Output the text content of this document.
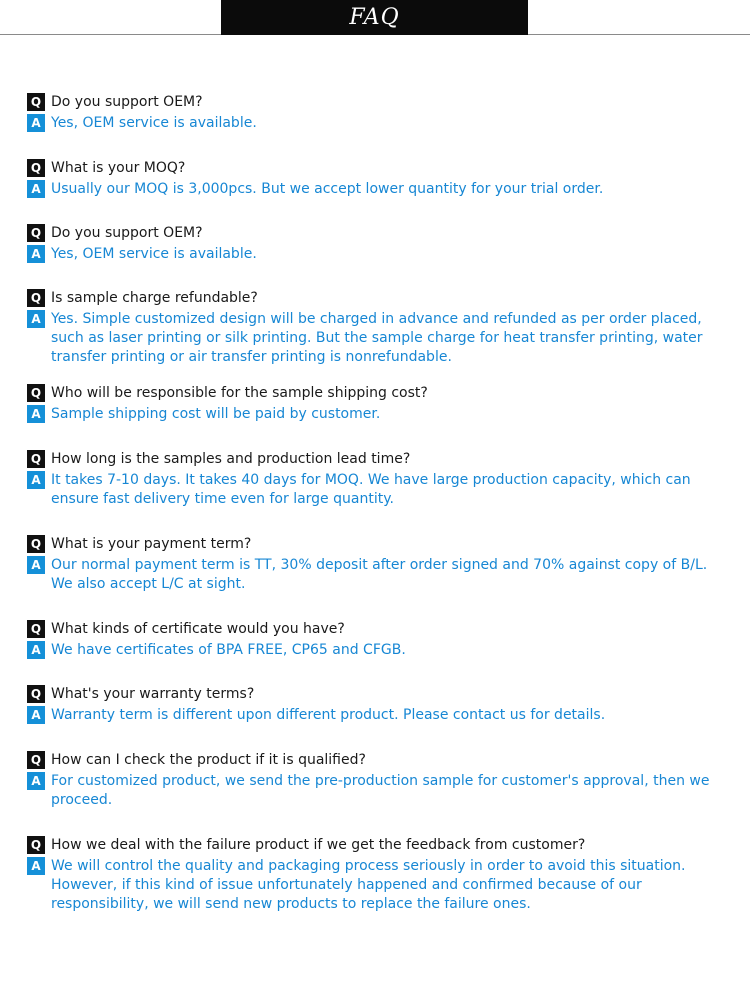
FAQ
Q Do you support OEM?
A Yes, OEM service is available.
Q What is your MOQ?
A Usually our MOQ is 3,000pcs. But we accept lower quantity for your trial order.
Q Do you support OEM?
A Yes, OEM service is available.
Q Is sample charge refundable?
A Yes. Simple customized design will be charged in advance and refunded as per order placed, such as laser printing or silk printing. But the sample charge for heat transfer printing, water transfer printing or air transfer printing is nonrefundable.
Q Who will be responsible for the sample shipping cost?
A Sample shipping cost will be paid by customer.
Q How long is the samples and production lead time?
A It takes 7-10 days. It takes 40 days for MOQ. We have large production capacity, which can ensure fast delivery time even for large quantity.
Q What is your payment term?
A Our normal payment term is TT, 30% deposit after order signed and 70% against copy of B/L. We also accept L/C at sight.
Q What kinds of certificate would you have?
A We have certificates of BPA FREE, CP65 and CFGB.
Q What's your warranty terms?
A Warranty term is different upon different product. Please contact us for details.
Q How can I check the product if it is qualified?
A For customized product, we send the pre-production sample for customer's approval, then we proceed.
Q How we deal with the failure product if we get the feedback from customer?
A We will control the quality and packaging process seriously in order to avoid this situation. However, if this kind of issue unfortunately happened and confirmed because of our responsibility, we will send new products to replace the failure ones.
